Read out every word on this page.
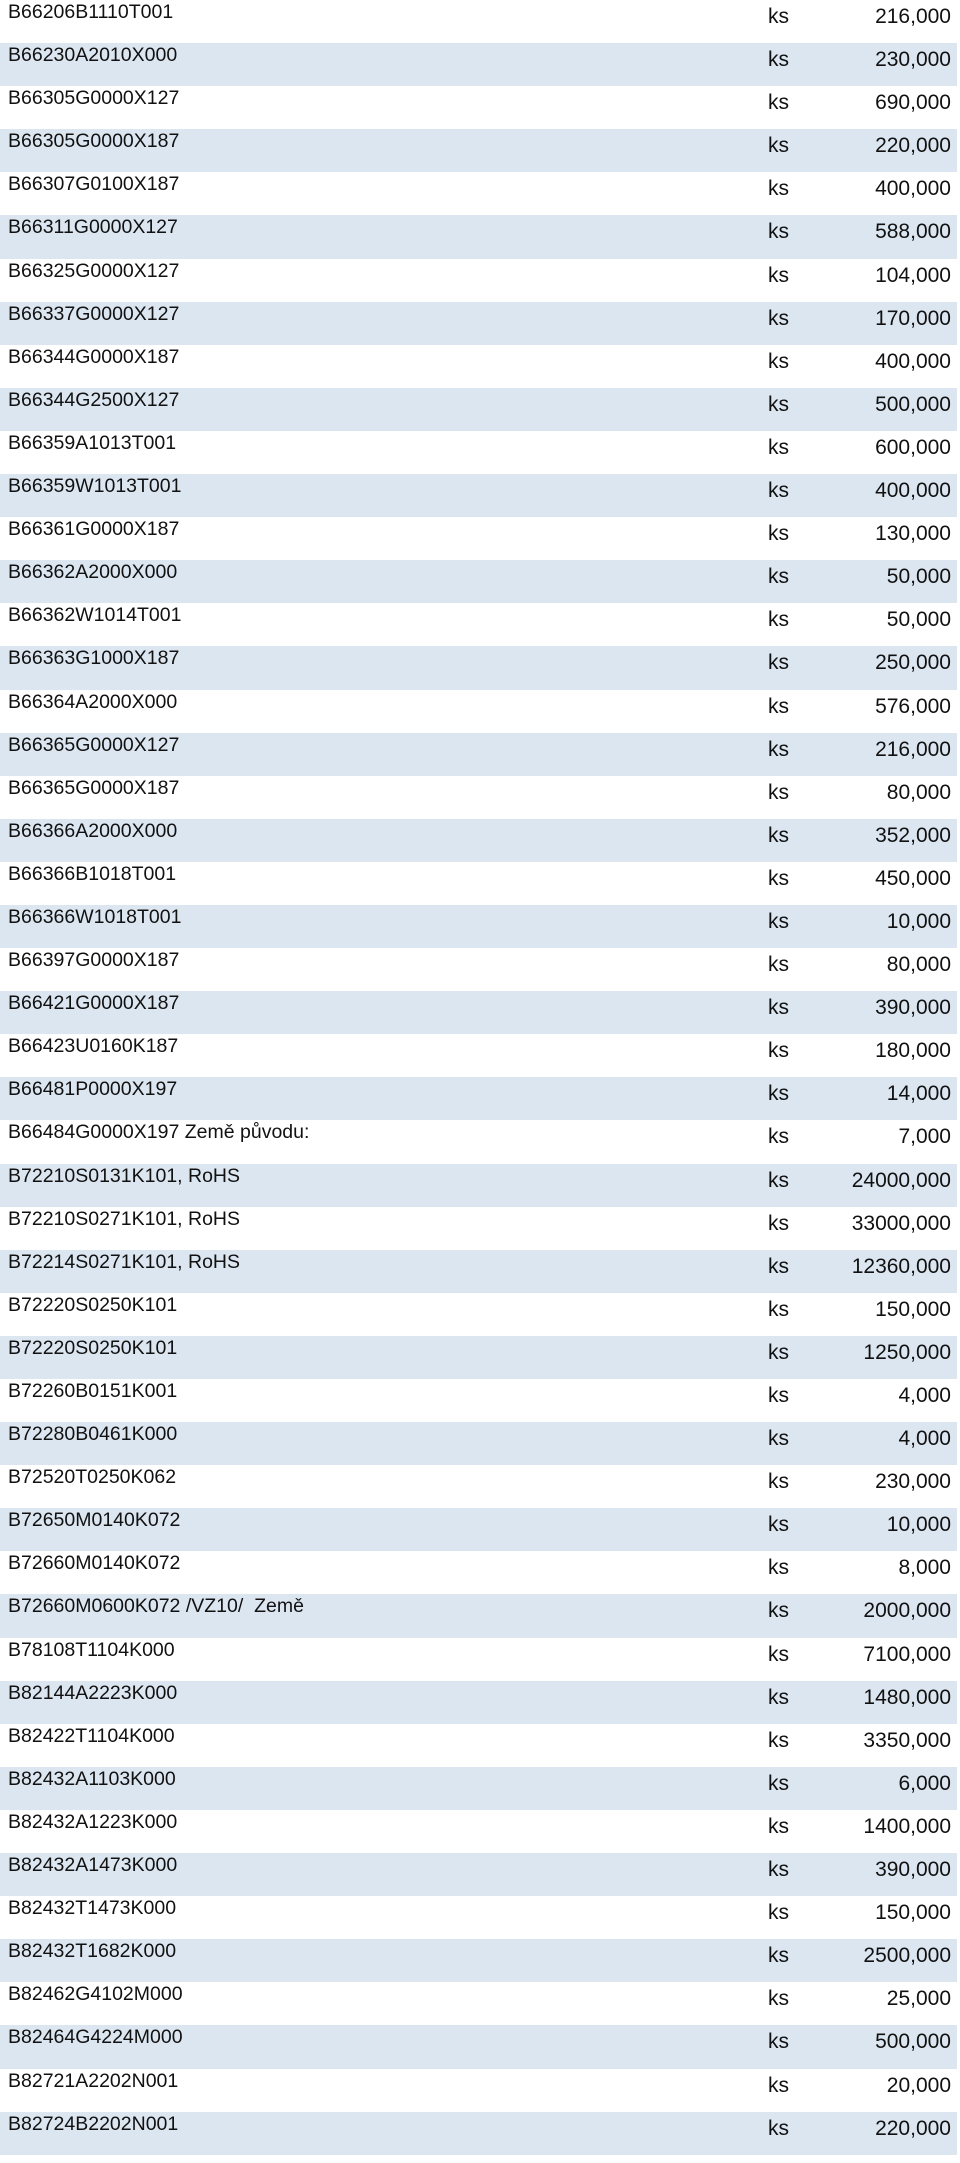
B66206B1110T001	ks	216,000
B66230A2010X000	ks	230,000
B66305G0000X127	ks	690,000
B66305G0000X187	ks	220,000
B66307G0100X187	ks	400,000
B66311G0000X127	ks	588,000
B66325G0000X127	ks	104,000
B66337G0000X127	ks	170,000
B66344G0000X187	ks	400,000
B66344G2500X127	ks	500,000
B66359A1013T001	ks	600,000
B66359W1013T001	ks	400,000
B66361G0000X187	ks	130,000
B66362A2000X000	ks	50,000
B66362W1014T001	ks	50,000
B66363G1000X187	ks	250,000
B66364A2000X000	ks	576,000
B66365G0000X127	ks	216,000
B66365G0000X187	ks	80,000
B66366A2000X000	ks	352,000
B66366B1018T001	ks	450,000
B66366W1018T001	ks	10,000
B66397G0000X187	ks	80,000
B66421G0000X187	ks	390,000
B66423U0160K187	ks	180,000
B66481P0000X197	ks	14,000
B66484G0000X197 Země původu:	ks	7,000
B72210S0131K101, RoHS	ks	24000,000
B72210S0271K101, RoHS	ks	33000,000
B72214S0271K101, RoHS	ks	12360,000
B72220S0250K101	ks	150,000
B72220S0250K101	ks	1250,000
B72260B0151K001	ks	4,000
B72280B0461K000	ks	4,000
B72520T0250K062	ks	230,000
B72650M0140K072	ks	10,000
B72660M0140K072	ks	8,000
B72660M0600K072 /VZ10/  Země	ks	2000,000
B78108T1104K000	ks	7100,000
B82144A2223K000	ks	1480,000
B82422T1104K000	ks	3350,000
B82432A1103K000	ks	6,000
B82432A1223K000	ks	1400,000
B82432A1473K000	ks	390,000
B82432T1473K000	ks	150,000
B82432T1682K000	ks	2500,000
B82462G4102M000	ks	25,000
B82464G4224M000	ks	500,000
B82721A2202N001	ks	20,000
B82724B2202N001	ks	220,000
